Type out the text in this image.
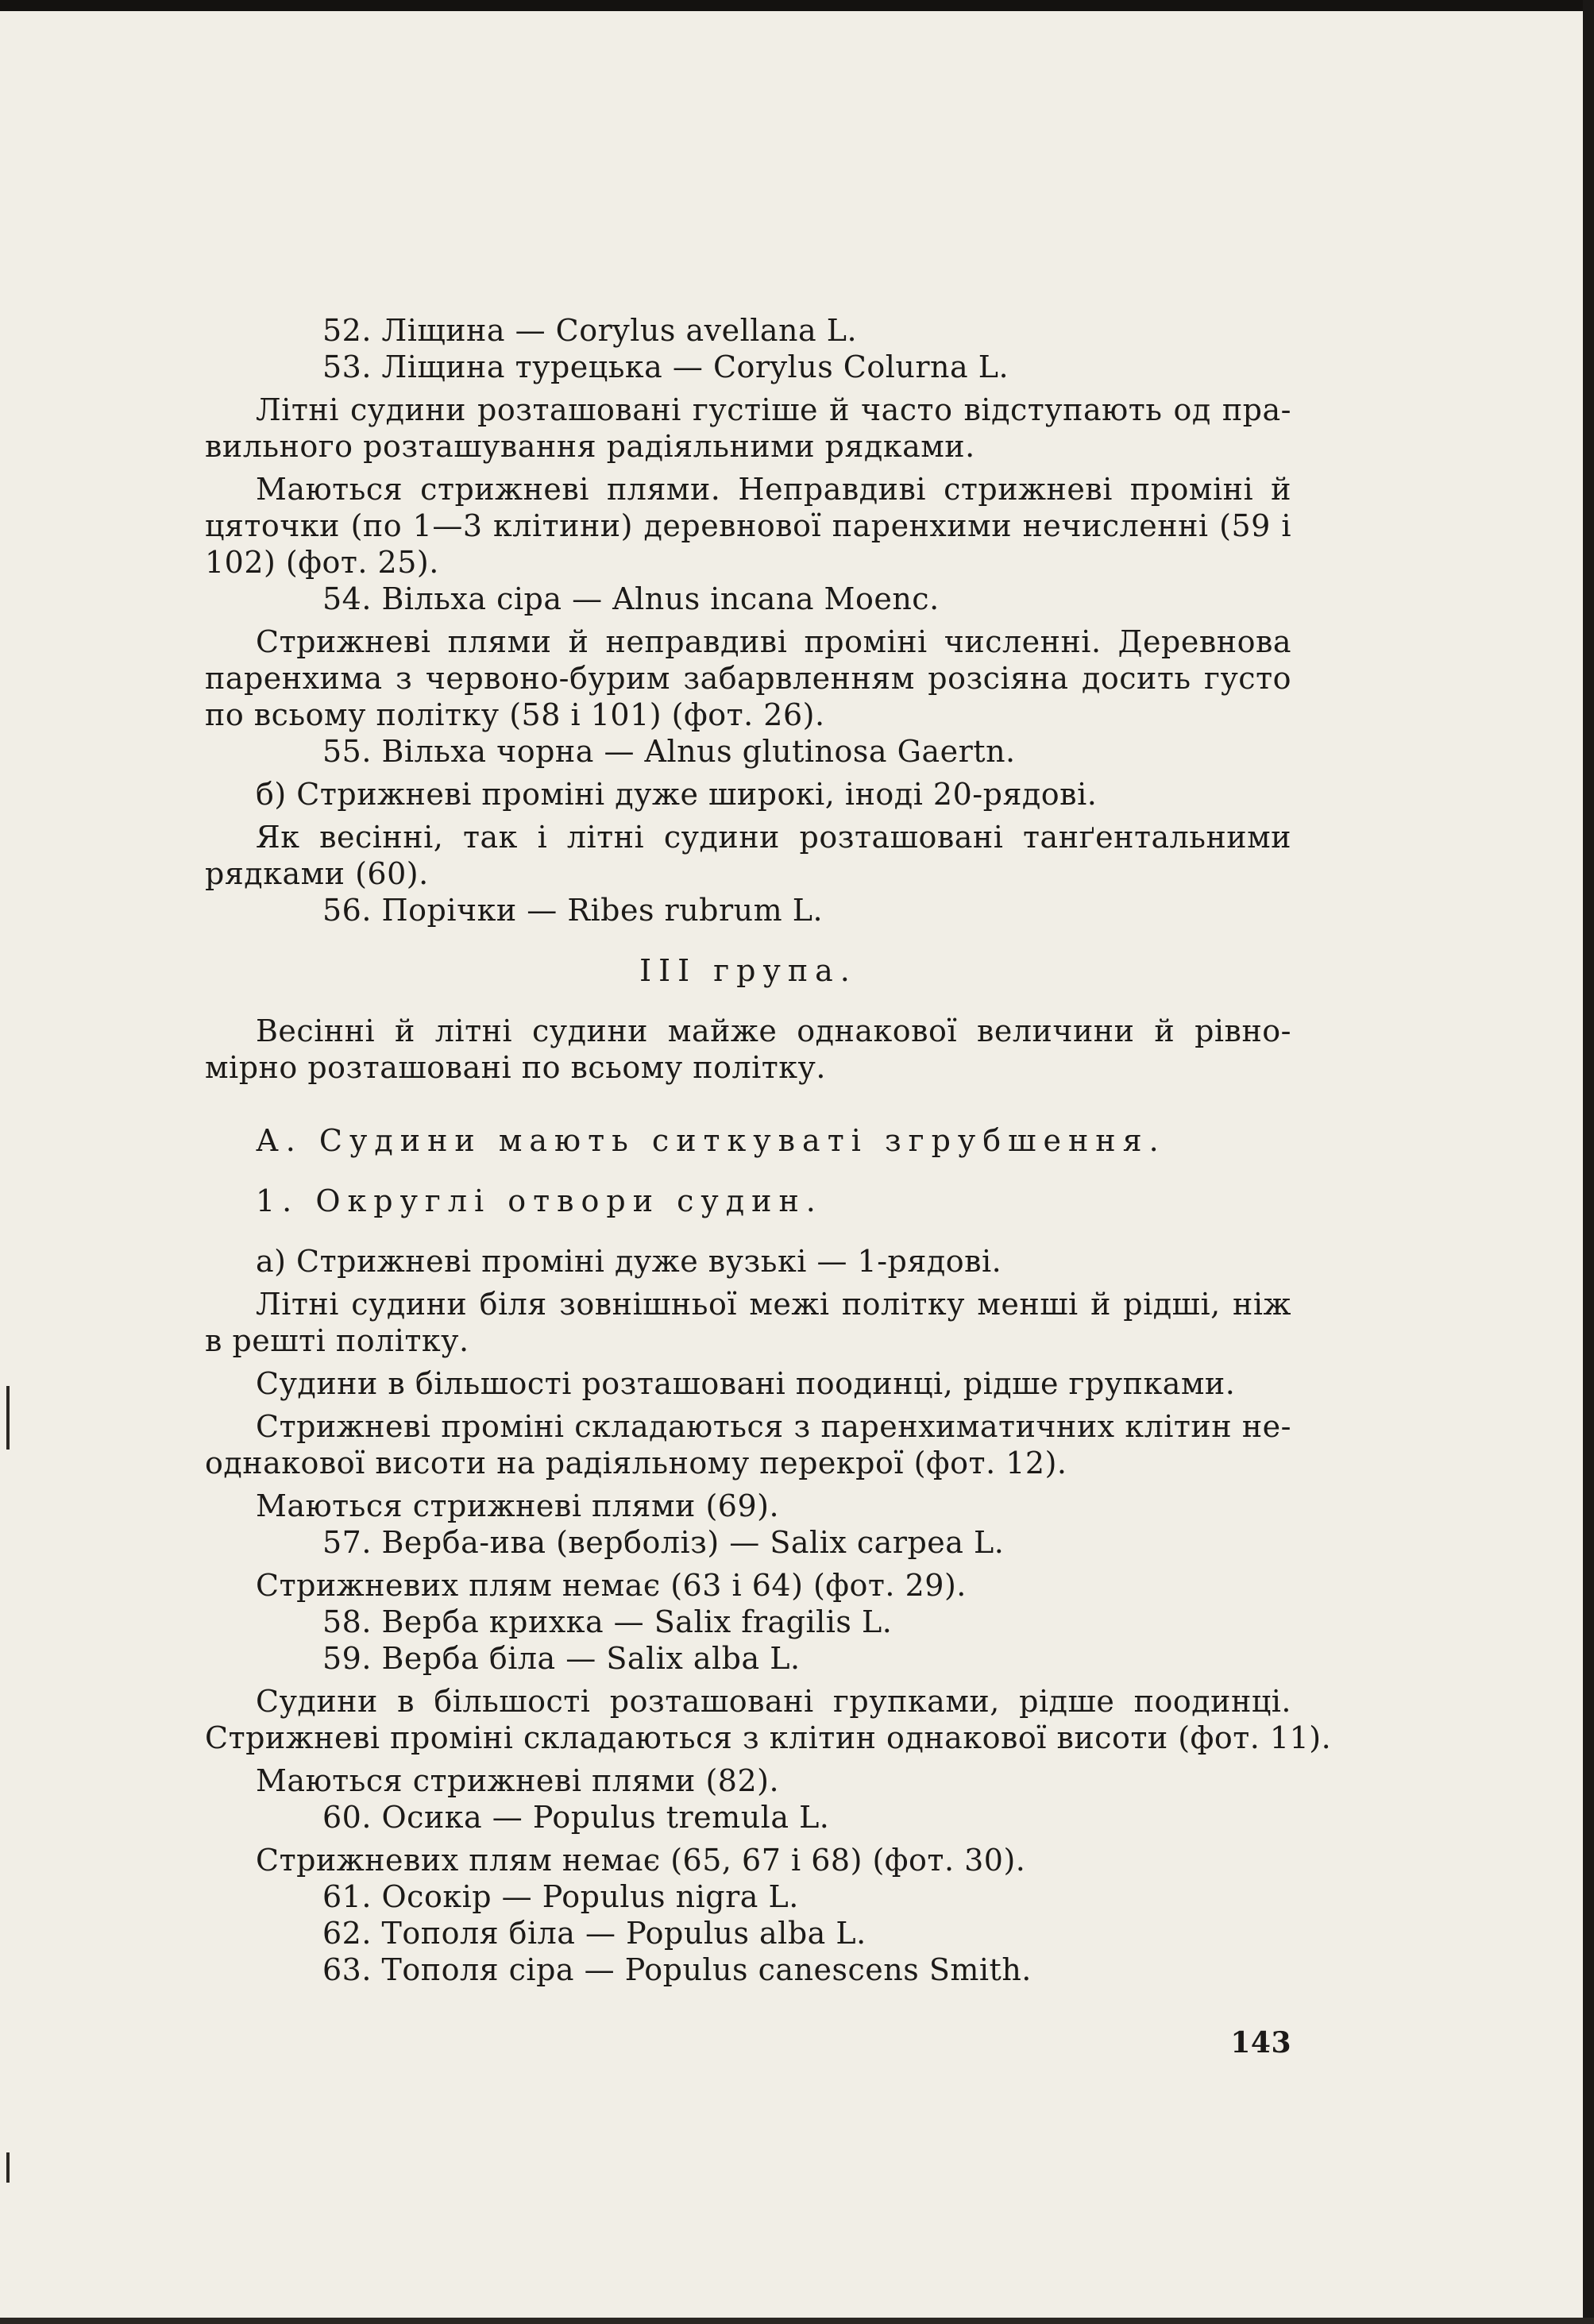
52. Ліщина — Corylus avellana L.
53. Ліщина турецька — Corylus Colurna L.
Літні судини розташовані густіше й часто відступають од пра-
вильного розташування радіяльними рядками.
Маються стрижневі плями. Неправдиві стрижневі проміні й
цяточки (по 1—3 клітини) деревнової паренхими нечисленні (59 і
102) (фот. 25).
54. Вільха сіра — Alnus incana Moenc.
Стрижневі плями й неправдиві проміні численні. Деревнова
паренхима з червоно-бурим забарвленням розсіяна досить густо
по всьому політку (58 і 101) (фот. 26).
55. Вільха чорна — Alnus glutinosa Gaertn.
б) Стрижневі проміні дуже широкі, іноді 20-рядові.
Як весінні, так і літні судини розташовані танґентальними
рядками (60).
56. Порічки — Ribes rubrum L.
III група.
Весінні й літні судини майже однакової величини й рівно-
мірно розташовані по всьому політку.
А. Судини мають ситкуваті згрубшення.
1. Округлі отвори судин.
а) Стрижневі проміні дуже вузькі — 1-рядові.
Літні судини біля зовнішньої межі політку менші й рідші, ніж
в решті політку.
Судини в більшості розташовані поодинці, рідше групками.
Стрижневі проміні складаються з паренхиматичних клітин не-
однакової висоти на радіяльному перекрої (фот. 12).
Маються стрижневі плями (69).
57. Верба-ива (верболіз) — Salix carpea L.
Стрижневих плям немає (63 і 64) (фот. 29).
58. Верба крихка — Salix fragilis L.
59. Верба біла — Salix alba L.
Судини в більшості розташовані групками, рідше поодинці.
Стрижневі проміні складаються з клітин однакової висоти (фот. 11).
Маються стрижневі плями (82).
60. Осика — Populus tremula L.
Стрижневих плям немає (65, 67 і 68) (фот. 30).
61. Осокір — Populus nigra L.
62. Тополя біла — Populus alba L.
63. Тополя сіра — Populus canescens Smith.
143
